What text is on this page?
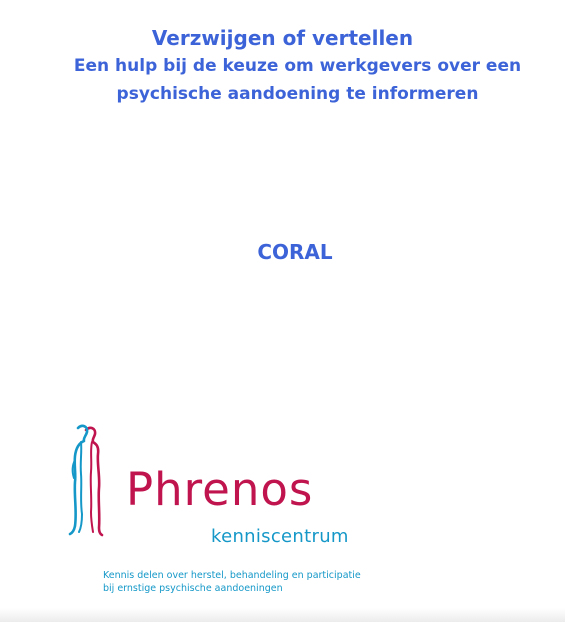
Verzwijgen of vertellen

Een hulp bij de keuze om werkgevers over een

psychische aandoening te informeren

CORAL
Phrenos
kenniscentrum
Kennis delen over herstel, behandeling en participatie
bij ernstige psychische aandoeningen
